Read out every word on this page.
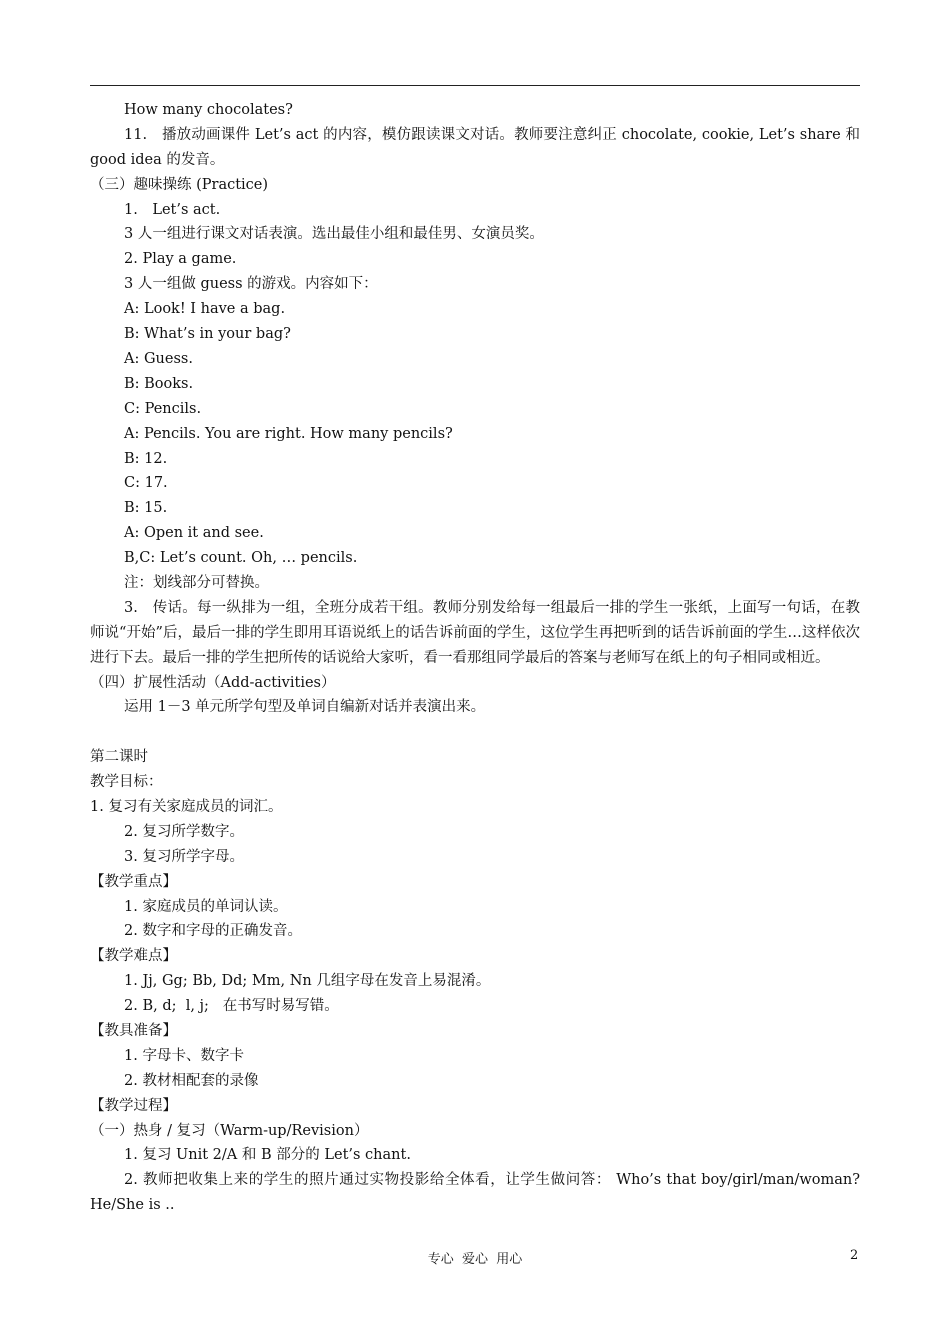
How many chocolates?
11.　播放动画课件 Let’s act 的内容，模仿跟读课文对话。教师要注意纠正 chocolate, cookie, Let’s share 和 good idea 的发音。
（三）趣味操练 (Practice)
1.　Let’s act.
3 人一组进行课文对话表演。选出最佳小组和最佳男、女演员奖。
2. Play a game.
3 人一组做 guess 的游戏。内容如下：
A: Look! I have a bag.
B: What’s in your bag?
A: Guess.
B: Books.
C: Pencils.
A: Pencils. You are right. How many pencils?
B: 12.
C: 17.
B: 15.
A: Open it and see.
B,C: Let’s count. Oh, … pencils.
注：划线部分可替换。
3.　传话。每一纵排为一组，全班分成若干组。教师分别发给每一组最后一排的学生一张纸，上面写一句话，在教师说“开始”后，最后一排的学生即用耳语说纸上的话告诉前面的学生，这位学生再把听到的话告诉前面的学生…这样依次进行下去。最后一排的学生把所传的话说给大家听，看一看那组同学最后的答案与老师写在纸上的句子相同或相近。
（四）扩展性活动（Add-activities）
运用 1－3 单元所学句型及单词自编新对话并表演出来。
第二课时
教学目标：
1. 复习有关家庭成员的词汇。
2. 复习所学数字。
3. 复习所学字母。
【教学重点】
1. 家庭成员的单词认读。
2. 数字和字母的正确发音。
【教学难点】
1. Jj, Gg; Bb, Dd; Mm, Nn 几组字母在发音上易混淆。
2. B, d;  l, j;   在书写时易写错。
【教具准备】
1. 字母卡、数字卡
2. 教材相配套的录像
【教学过程】
（一）热身 / 复习（Warm-up/Revision）
1. 复习 Unit 2/A 和 B 部分的 Let’s chant.
2. 教师把收集上来的学生的照片通过实物投影给全体看，让学生做问答： Who’s that boy/girl/man/woman? He/She is ..
专心  爱心  用心	2
